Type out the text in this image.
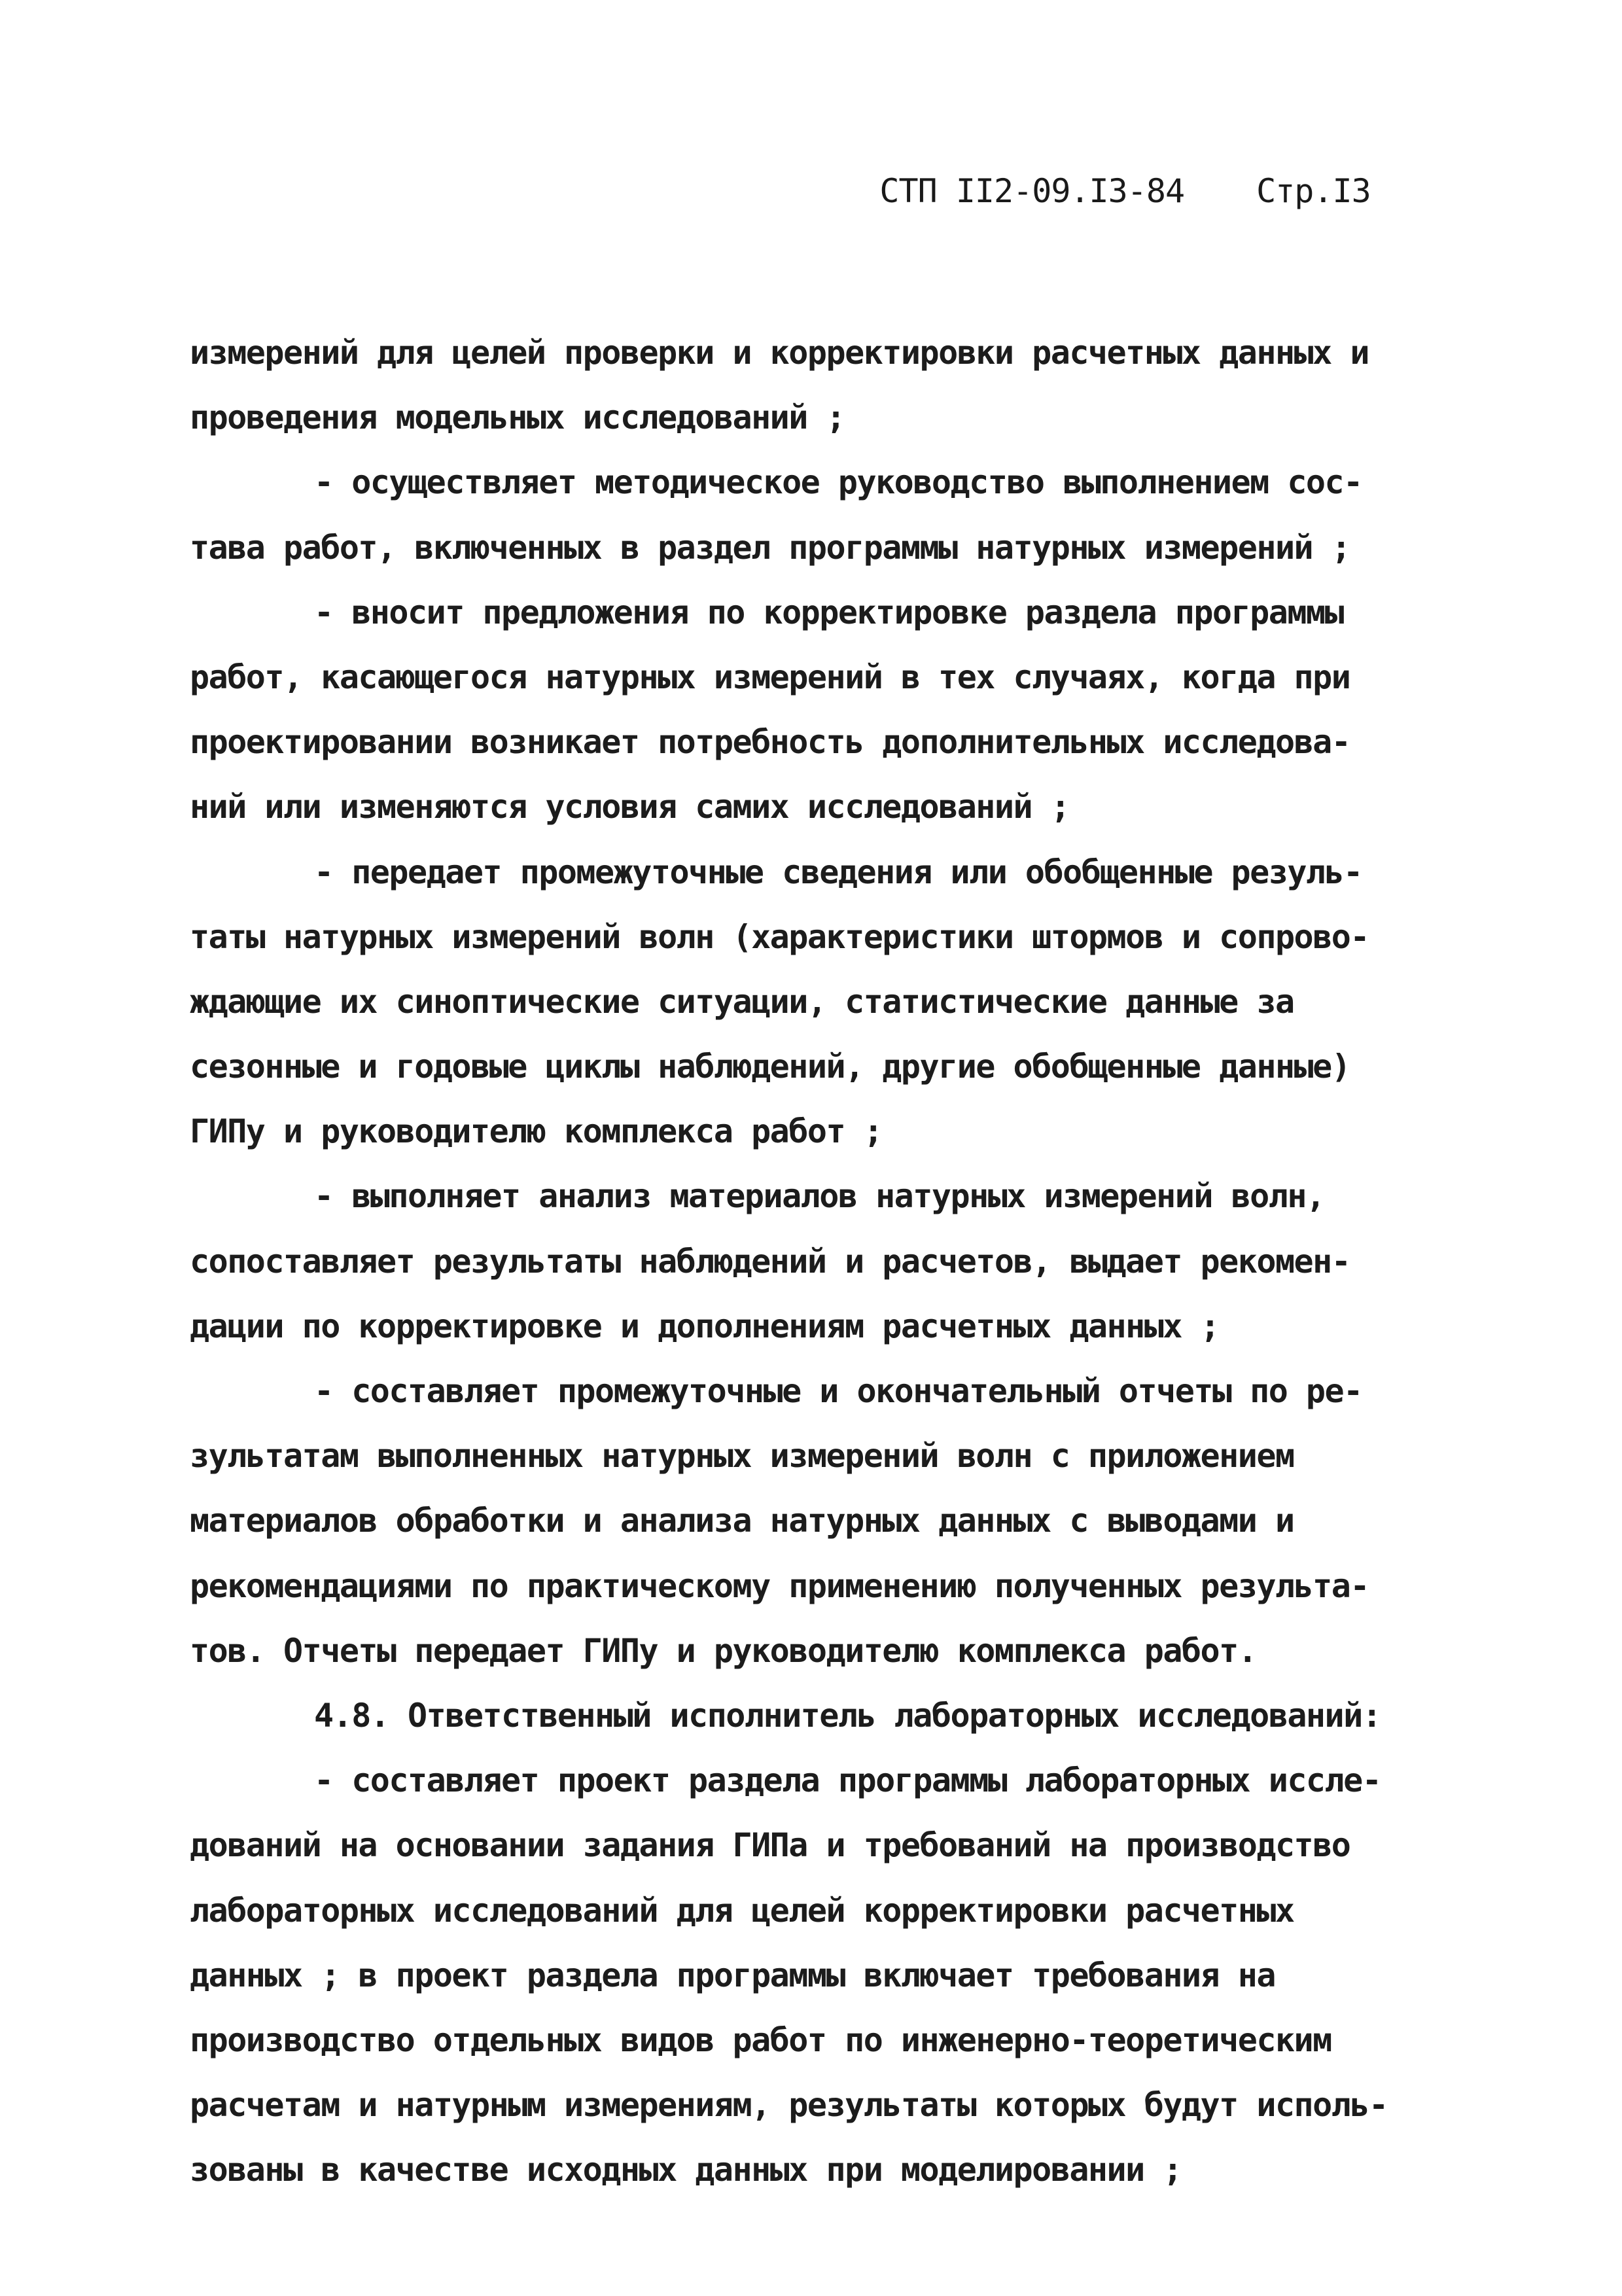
СТП II2-09.I3-84 Стр.I3

измерений для целей проверки и корректировки расчетных данных и
проведения модельных исследований ;
- осуществляет методическое руководство выполнением сос-
тава работ, включенных в раздел программы натурных измерений ;
- вносит предложения по корректировке раздела программы
работ, касающегося натурных измерений в тех случаях, когда при
проектировании возникает потребность дополнительных исследова-
ний или изменяются условия самих исследований ;
- передает промежуточные сведения или обобщенные резуль-
таты натурных измерений волн (характеристики штормов и сопрово-
ждающие их синоптические ситуации, статистические данные за
сезонные и годовые циклы наблюдений, другие обобщенные данные)
ГИПу и руководителю комплекса работ ;
- выполняет анализ материалов натурных измерений волн,
сопоставляет результаты наблюдений и расчетов, выдает рекомен-
дации по корректировке и дополнениям расчетных данных ;
- составляет промежуточные и окончательный отчеты по ре-
зультатам выполненных натурных измерений волн с приложением
материалов обработки и анализа натурных данных с выводами и
рекомендациями по практическому применению полученных результа-
тов. Отчеты передает ГИПу и руководителю комплекса работ.
4.8. Ответственный исполнитель лабораторных исследований:
- составляет проект раздела программы лабораторных иссле-
дований на основании задания ГИПа и требований на производство
лабораторных исследований для целей корректировки расчетных
данных ; в проект раздела программы включает требования на
производство отдельных видов работ по инженерно-теоретическим
расчетам и натурным измерениям, результаты которых будут исполь-
зованы в качестве исходных данных при моделировании ;
